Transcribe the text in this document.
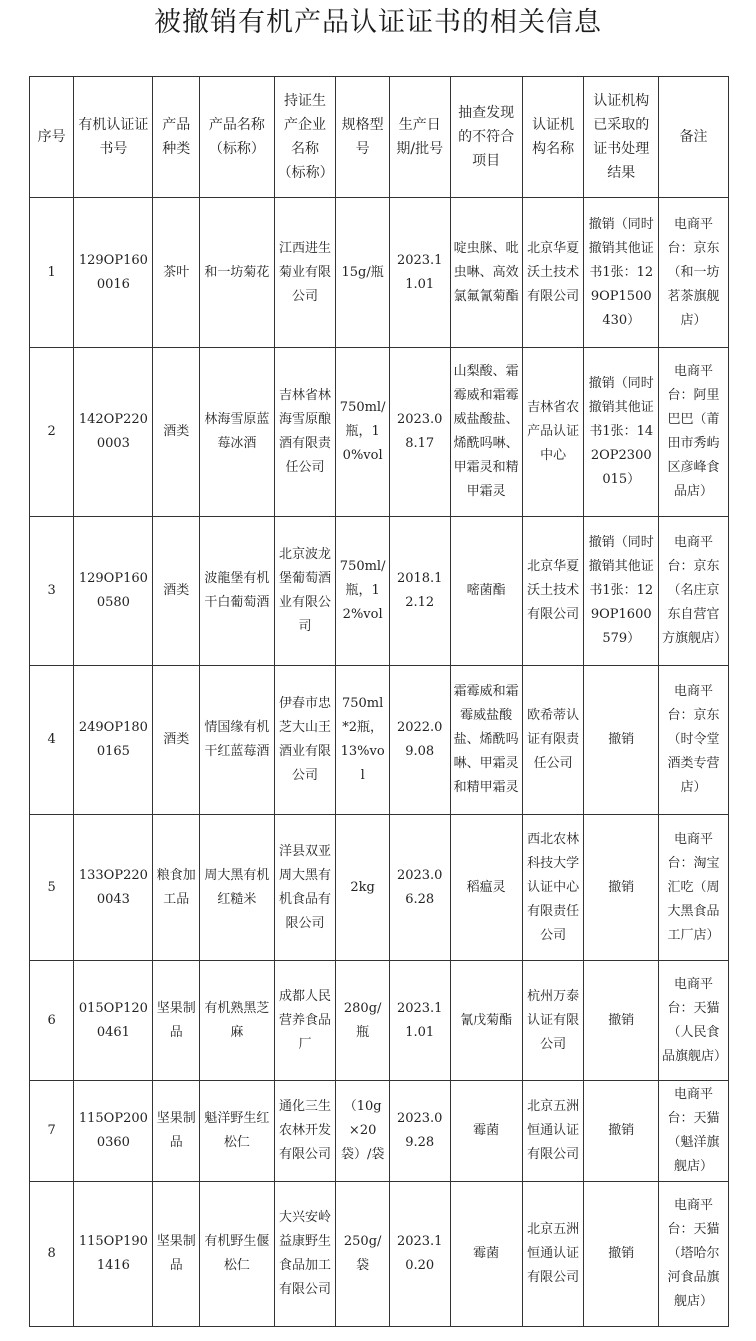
被撤销有机产品认证证书的相关信息
序号	有机认证证书号	产品种类	产品名称（标称）	持证生产企业名称（标称）	规格型号	生产日期/批号	抽查发现的不符合项目	认证机构名称	认证机构已采取的证书处理结果	备注
1	129OP1600016	茶叶	和一坊菊花	江西进生菊业有限公司	15g/瓶	2023.11.01	啶虫脒、吡虫啉、高效氯氟氰菊酯	北京华夏沃土技术有限公司	撤销（同时撤销其他证书1张：129OP1500430）	电商平台：京东（和一坊茗茶旗舰店）
2	142OP2200003	酒类	林海雪原蓝莓冰酒	吉林省林海雪原酿酒有限责任公司	750ml/瓶，10%vol	2023.08.17	山梨酸、霜霉威和霜霉威盐酸盐、烯酰吗啉、甲霜灵和精甲霜灵	吉林省农产品认证中心	撤销（同时撤销其他证书1张：142OP2300015）	电商平台：阿里巴巴（莆田市秀屿区彦峰食品店）
3	129OP1600580	酒类	波龍堡有机干白葡萄酒	北京波龙堡葡萄酒业有限公司	750ml/瓶，12%vol	2018.12.12	嘧菌酯	北京华夏沃土技术有限公司	撤销（同时撤销其他证书1张：129OP1600579）	电商平台：京东（名庄京东自营官方旗舰店）
4	249OP1800165	酒类	情国缘有机干红蓝莓酒	伊春市忠芝大山王酒业有限公司	750ml*2瓶，13%vol	2022.09.08	霜霉威和霜霉威盐酸盐、烯酰吗啉、甲霜灵和精甲霜灵	欧希蒂认证有限责任公司	撤销	电商平台：京东（时令堂酒类专营店）
5	133OP2200043	粮食加工品	周大黑有机红糙米	洋县双亚周大黑有机食品有限公司	2kg	2023.06.28	稻瘟灵	西北农林科技大学认证中心有限责任公司	撤销	电商平台：淘宝汇吃（周大黑食品工厂店）
6	015OP1200461	坚果制品	有机熟黑芝麻	成都人民营养食品厂	280g/瓶	2023.11.01	氰戊菊酯	杭州万泰认证有限公司	撤销	电商平台：天猫（人民食品旗舰店）
7	115OP2000360	坚果制品	魁洋野生红松仁	通化三生农林开发有限公司	（10g×20袋）/袋	2023.09.28	霉菌	北京五洲恒通认证有限公司	撤销	电商平台：天猫（魁洋旗舰店）
8	115OP1901416	坚果制品	有机野生偃松仁	大兴安岭益康野生食品加工有限公司	250g/袋	2023.10.20	霉菌	北京五洲恒通认证有限公司	撤销	电商平台：天猫（塔哈尔河食品旗舰店）
